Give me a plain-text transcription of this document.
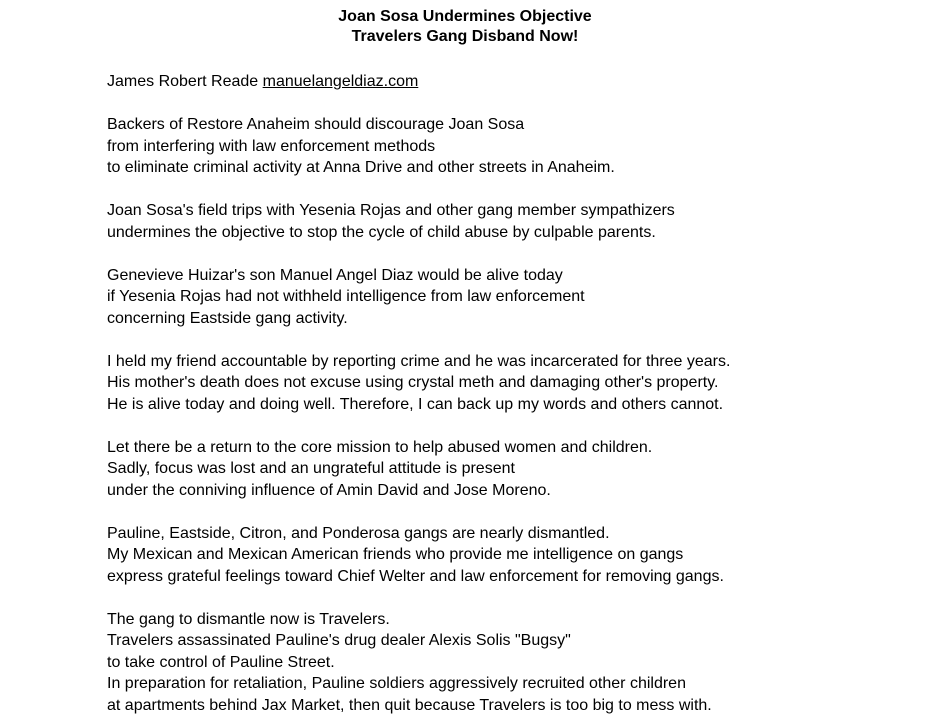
Joan Sosa Undermines Objective
Travelers Gang Disband Now!
James Robert Reade manuelangeldiaz.com
Backers of Restore Anaheim should discourage Joan Sosa
from interfering with law enforcement methods
to eliminate criminal activity at Anna Drive and other streets in Anaheim.
Joan Sosa's field trips with Yesenia Rojas and other gang member sympathizers
undermines the objective to stop the cycle of child abuse by culpable parents.
Genevieve Huizar's son Manuel Angel Diaz would be alive today
if Yesenia Rojas had not withheld intelligence from law enforcement
concerning Eastside gang activity.
I held my friend accountable by reporting crime and he was incarcerated for three years.
His mother's death does not excuse using crystal meth and damaging other's property.
He is alive today and doing well. Therefore, I can back up my words and others cannot.
Let there be a return to the core mission to help abused women and children.
Sadly, focus was lost and an ungrateful attitude is present
under the conniving influence of Amin David and Jose Moreno.
Pauline, Eastside, Citron, and Ponderosa gangs are nearly dismantled.
My Mexican and Mexican American friends who provide me intelligence on gangs
express grateful feelings toward Chief Welter and law enforcement for removing gangs.
The gang to dismantle now is Travelers.
Travelers assassinated Pauline's drug dealer Alexis Solis "Bugsy"
to take control of Pauline Street.
In preparation for retaliation, Pauline soldiers aggressively recruited other children
at apartments behind Jax Market, then quit because Travelers is too big to mess with.
